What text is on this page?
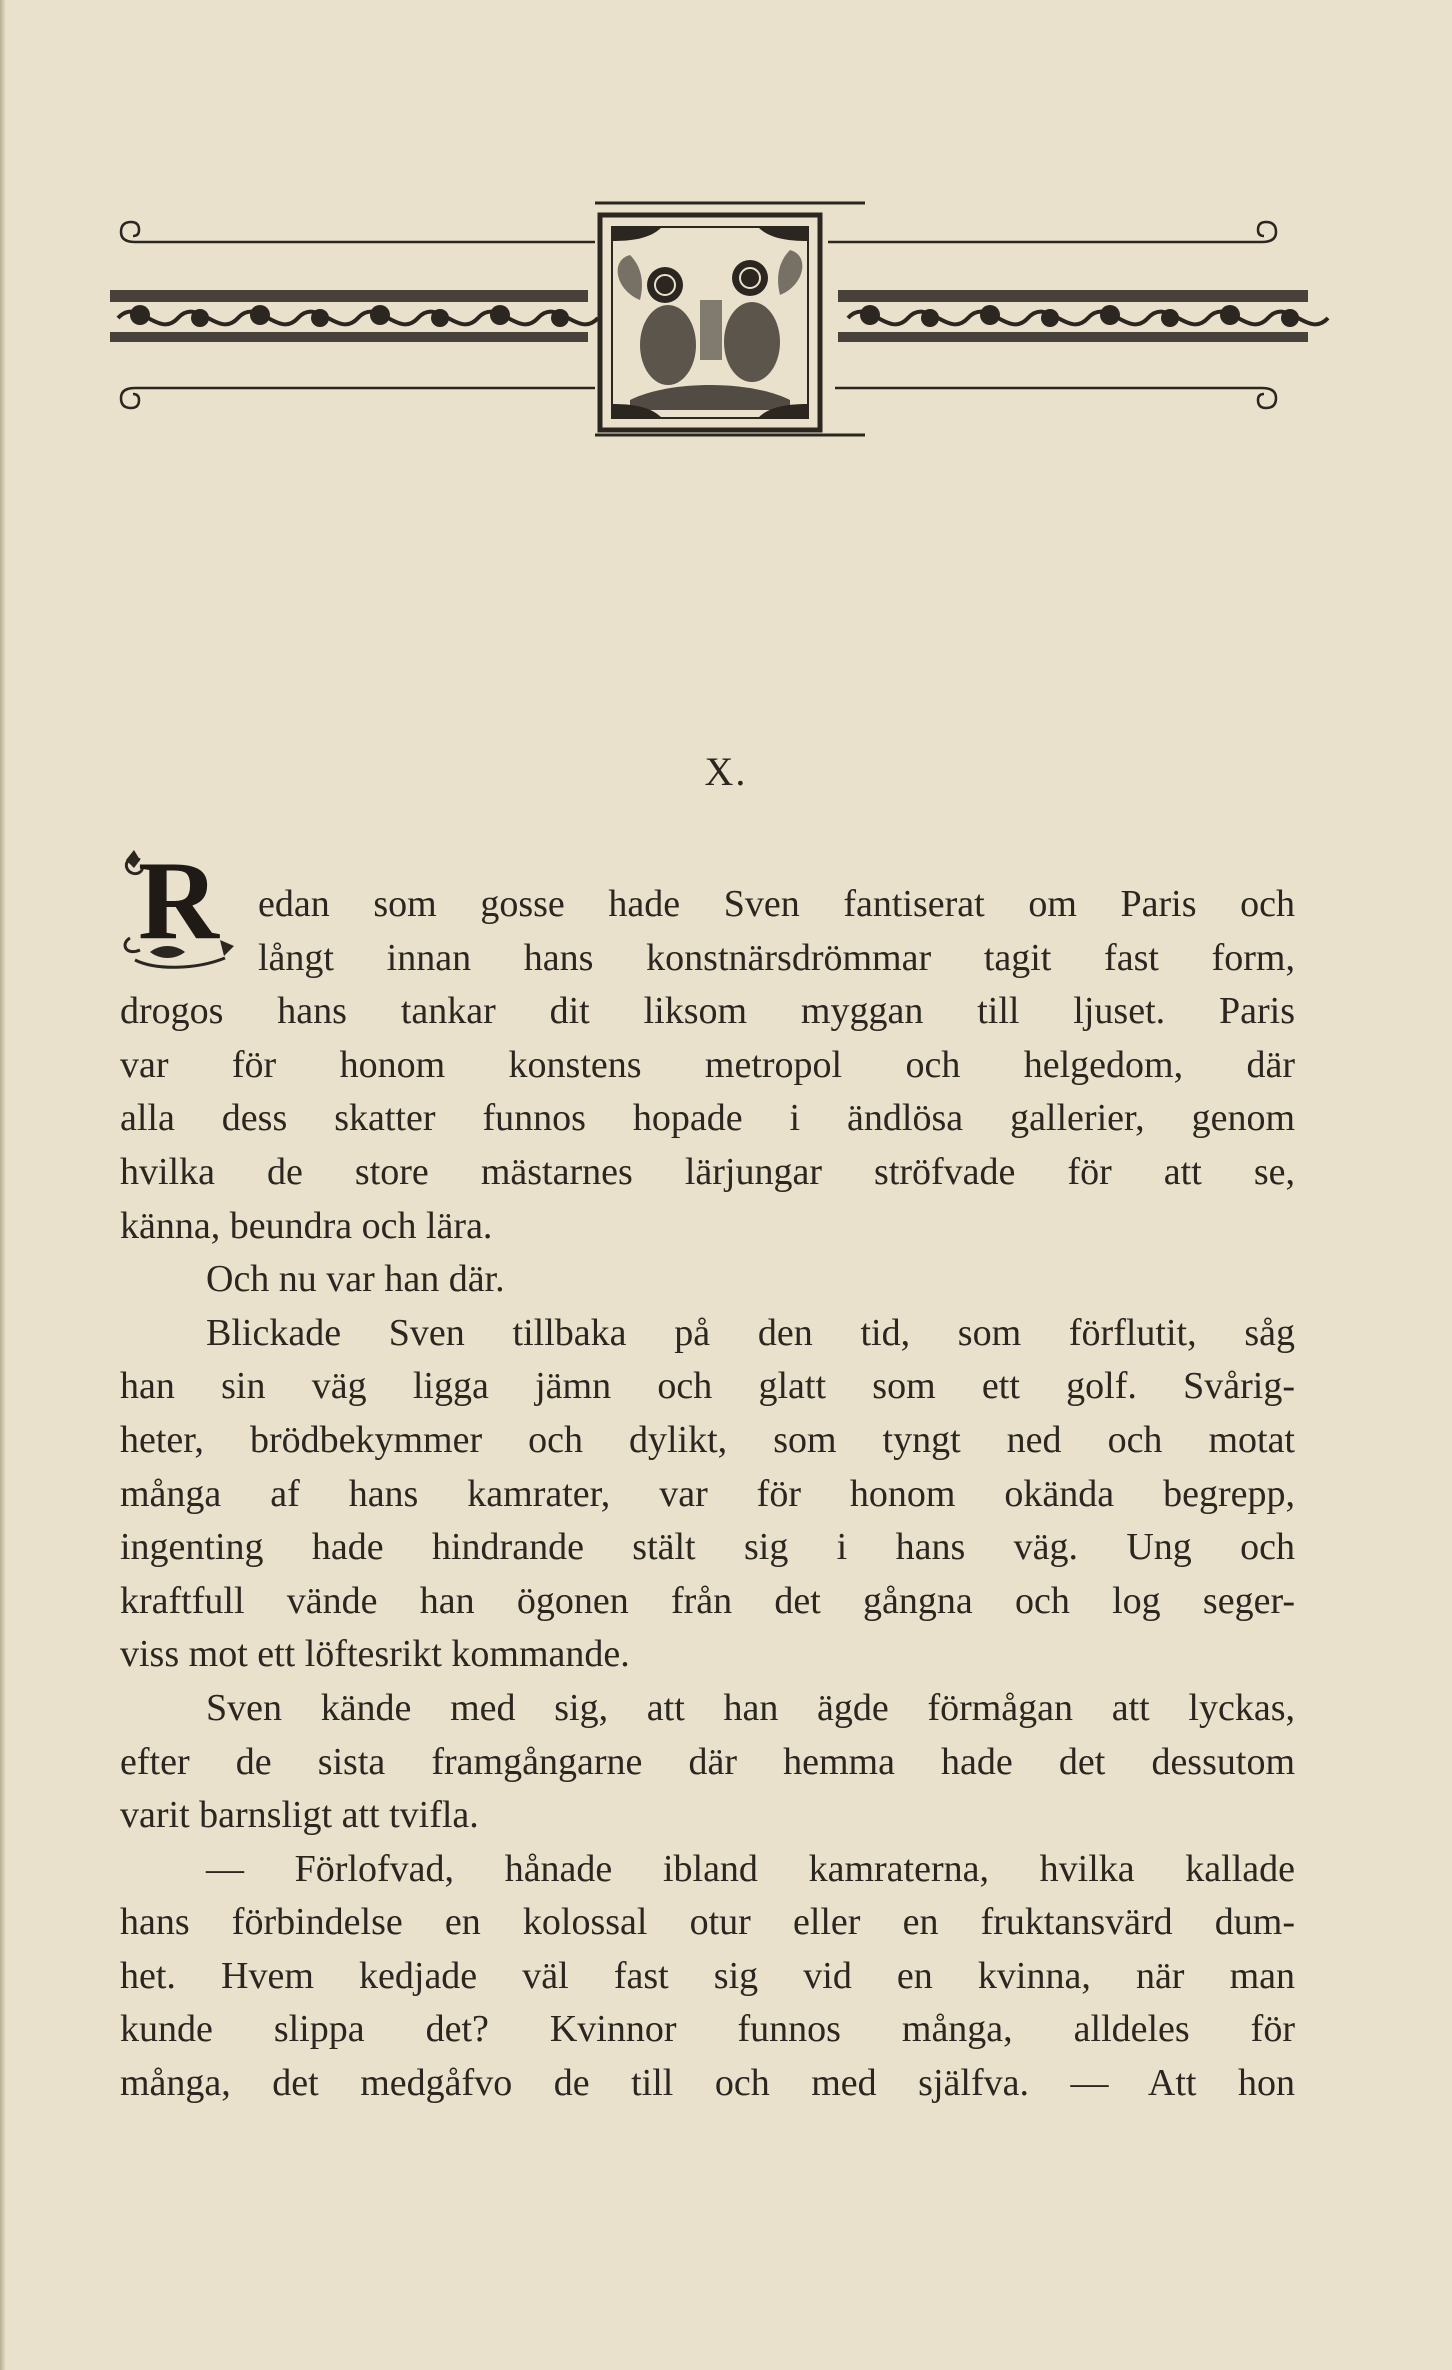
X.
R	edan som gosse hade Sven fantiserat om Paris och
långt innan hans konstnärsdrömmar tagit fast form,
drogos hans tankar dit liksom myggan till ljuset. Paris
var för honom konstens metropol och helgedom, där
alla dess skatter funnos hopade i ändlösa gallerier, genom
hvilka de store mästarnes lärjungar ströfvade för att se,
känna, beundra och lära.
Och nu var han där.
Blickade Sven tillbaka på den tid, som förflutit, såg
han sin väg ligga jämn och glatt som ett golf. Svårig-
heter, brödbekymmer och dylikt, som tyngt ned och motat
många af hans kamrater, var för honom okända begrepp,
ingenting hade hindrande stält sig i hans väg. Ung och
kraftfull vände han ögonen från det gångna och log seger-
viss mot ett löftesrikt kommande.
Sven kände med sig, att han ägde förmågan att lyckas,
efter de sista framgångarne där hemma hade det dessutom
varit barnsligt att tvifla.
— Förlofvad, hånade ibland kamraterna, hvilka kallade
hans förbindelse en kolossal otur eller en fruktansvärd dum-
het. Hvem kedjade väl fast sig vid en kvinna, när man
kunde slippa det? Kvinnor funnos många, alldeles för
många, det medgåfvo de till och med själfva. — Att hon
